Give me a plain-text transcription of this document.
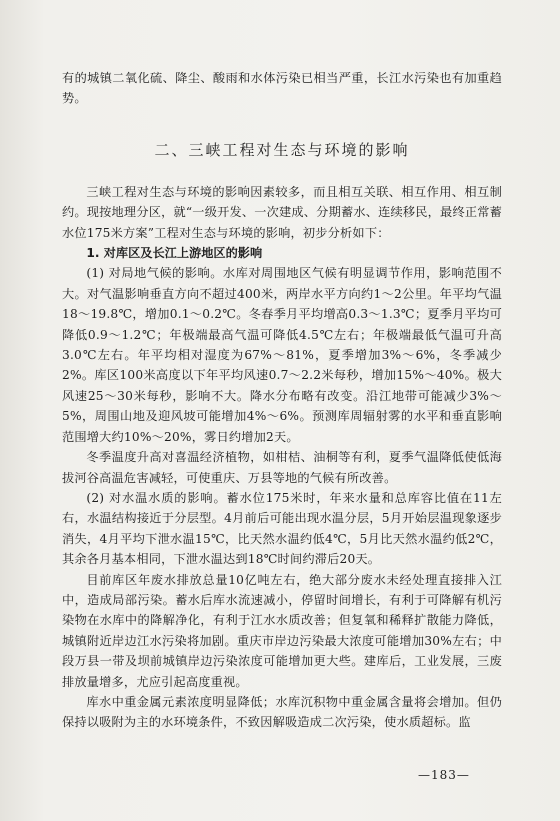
有的城镇二氧化硫、降尘、酸雨和水体污染已相当严重，长江水污染也有加重趋势。

二、三峡工程对生态与环境的影响

三峡工程对生态与环境的影响因素较多，而且相互关联、相互作用、相互制约。现按地理分区，就“一级开发、一次建成、分期蓄水、连续移民，最终正常蓄水位175米方案”工程对生态与环境的影响，初步分析如下：

1. 对库区及长江上游地区的影响

(1) 对局地气候的影响。水库对周围地区气候有明显调节作用，影响范围不大。对气温影响垂直方向不超过400米，两岸水平方向约1～2公里。年平均气温18～19.8℃，增加0.1～0.2℃。冬春季月平均增高0.3～1.3℃；夏季月平均可降低0.9～1.2℃；年极端最高气温可降低4.5℃左右；年极端最低气温可升高3.0℃左右。年平均相对湿度为67%～81%，夏季增加3%～6%，冬季减少2%。库区100米高度以下年平均风速0.7～2.2米每秒，增加15%～40%。极大风速25～30米每秒，影响不大。降水分布略有改变。沿江地带可能减少3%～5%，周围山地及迎风坡可能增加4%～6%。预测库周辐射雾的水平和垂直影响范围增大约10%～20%，雾日约增加2天。

冬季温度升高对喜温经济植物，如柑桔、油桐等有利，夏季气温降低使低海拔河谷高温危害减轻，可使重庆、万县等地的气候有所改善。

(2) 对水温水质的影响。蓄水位175米时，年来水量和总库容比值在11左右，水温结构接近于分层型。4月前后可能出现水温分层，5月开始层温现象逐步消失，4月平均下泄水温15℃，比天然水温约低4℃，5月比天然水温约低2℃，其余各月基本相同，下泄水温达到18℃时间约滞后20天。

目前库区年废水排放总量10亿吨左右，绝大部分废水未经处理直接排入江中，造成局部污染。蓄水后库水流速减小，停留时间增长，有利于可降解有机污染物在水库中的降解净化，有利于江水水质改善；但复氧和稀释扩散能力降低，城镇附近岸边江水污染将加剧。重庆市岸边污染最大浓度可能增加30%左右；中段万县一带及坝前城镇岸边污染浓度可能增加更大些。建库后，工业发展，三废排放量增多，尤应引起高度重视。

库水中重金属元素浓度明显降低；水库沉积物中重金属含量将会增加。但仍保持以吸附为主的水环境条件，不致因解吸造成二次污染，使水质超标。监

—183—
